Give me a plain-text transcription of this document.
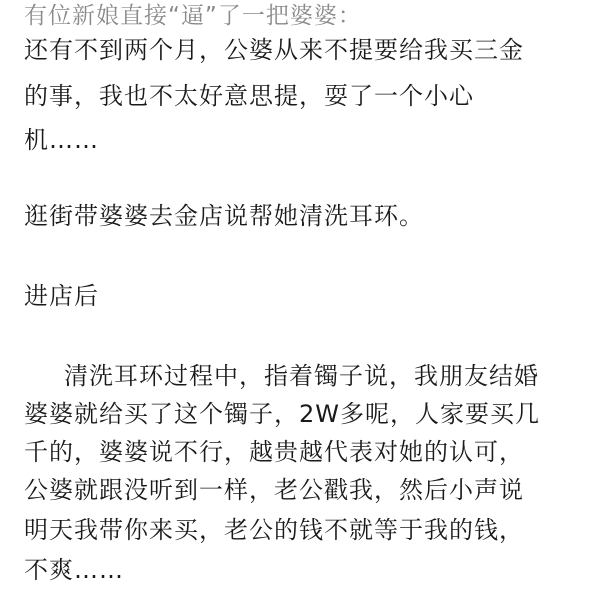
有位新娘直接“逼”了一把婆婆：
还有不到两个月，公婆从来不提要给我买三金
的事，我也不太好意思提，耍了一个小心
机……
逛街带婆婆去金店说帮她清洗耳环。
进店后
清洗耳环过程中，指着镯子说，我朋友结婚
婆婆就给买了这个镯子，2W多呢，人家要买几
千的，婆婆说不行，越贵越代表对她的认可，
公婆就跟没听到一样，老公戳我，然后小声说
明天我带你来买，老公的钱不就等于我的钱，
不爽……
